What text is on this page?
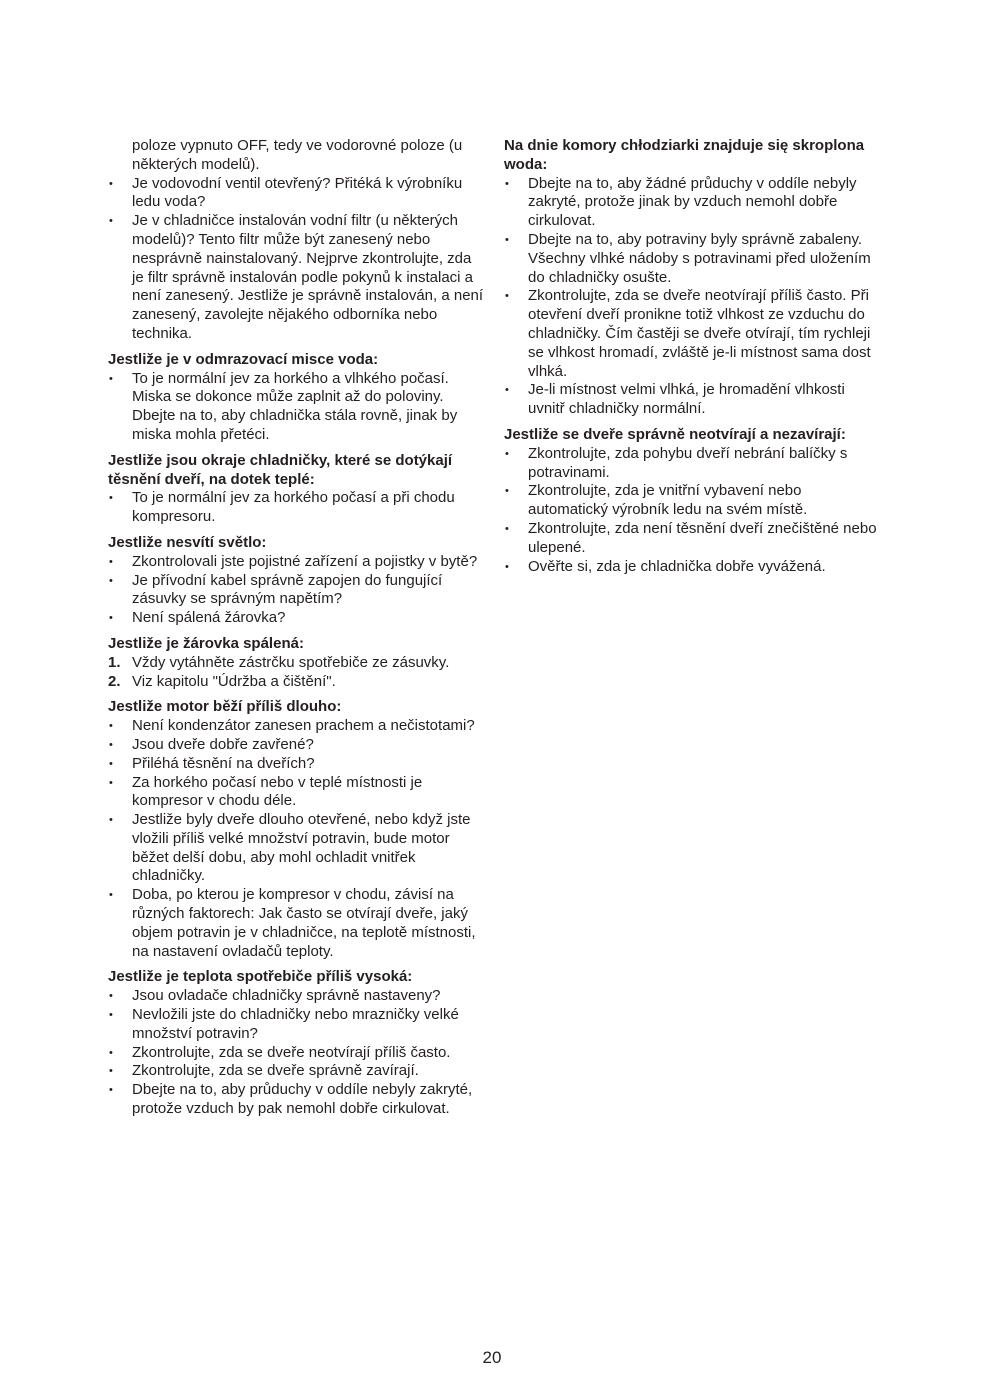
poloze vypnuto OFF, tedy ve vodorovné poloze (u některých modelů).
• Je vodovodní ventil otevřený? Přitéká k výrobníku ledu voda?
• Je v chladničce instalován vodní filtr (u některých modelů)? Tento filtr může být zanesený nebo nesprávně nainstalovaný. Nejprve zkontrolujte, zda je filtr správně instalován podle pokynů k instalaci a není zanesený. Jestliže je správně instalován, a není zanesený, zavolejte nějakého odborníka nebo technika.
Jestliže je v odmrazovací misce voda:
• To je normální jev za horkého a vlhkého počasí. Miska se dokonce může zaplnit až do poloviny. Dbejte na to, aby chladnička stála rovně, jinak by miska mohla přetéci.
Jestliže jsou okraje chladničky, které se dotýkají těsnění dveří, na dotek teplé:
• To je normální jev za horkého počasí a při chodu kompresoru.
Jestliže nesvítí světlo:
• Zkontrolovali jste pojistné zařízení a pojistky v bytě?
• Je přívodní kabel správně zapojen do fungující zásuvky se správným napětím?
• Není spálená žárovka?
Jestliže je žárovka spálená:
1. Vždy vytáhněte zástrčku spotřebiče ze zásuvky.
2. Viz kapitolu "Údržba a čištění".
Jestliže motor běží příliš dlouho:
• Není kondenzátor zanesen prachem a nečistotami?
• Jsou dveře dobře zavřené?
• Přiléhá těsnění na dveřích?
• Za horkého počasí nebo v teplé místnosti je kompresor v chodu déle.
• Jestliže byly dveře dlouho otevřené, nebo když jste vložili příliš velké množství potravin, bude motor běžet delší dobu, aby mohl ochladit vnitřek chladničky.
• Doba, po kterou je kompresor v chodu, závisí na různých faktorech: Jak často se otvírají dveře, jaký objem potravin je v chladničce, na teplotě místnosti, na nastavení ovladačů teploty.
Jestliže je teplota spotřebiče příliš vysoká:
• Jsou ovladače chladničky správně nastaveny?
• Nevložili jste do chladničky nebo mrazničky velké množství potravin?
• Zkontrolujte, zda se dveře neotvírají příliš často.
• Zkontrolujte, zda se dveře správně zavírají.
• Dbejte na to, aby průduchy v oddíle nebyly zakryté, protože vzduch by pak nemohl dobře cirkulovat.
Na dnie komory chłodziarki znajduje się skroplona woda:
• Dbejte na to, aby žádné průduchy v oddíle nebyly zakryté, protože jinak by vzduch nemohl dobře cirkulovat.
• Dbejte na to, aby potraviny byly správně zabaleny. Všechny vlhké nádoby s potravinami před uložením do chladničky osušte.
• Zkontrolujte, zda se dveře neotvírají příliš často. Při otevření dveří pronikne totiž vlhkost ze vzduchu do chladničky. Čím častěji se dveře otvírají, tím rychleji se vlhkost hromadí, zvláště je-li místnost sama dost vlhká.
• Je-li místnost velmi vlhká, je hromadění vlhkosti uvnitř chladničky normální.
Jestliže se dveře správně neotvírají a nezavírají:
• Zkontrolujte, zda pohybu dveří nebrání balíčky s potravinami.
• Zkontrolujte, zda je vnitřní vybavení nebo automatický výrobník ledu na svém místě.
• Zkontrolujte, zda není těsnění dveří znečištěné nebo ulepené.
• Ověřte si, zda je chladnička dobře vyvážená.
20
